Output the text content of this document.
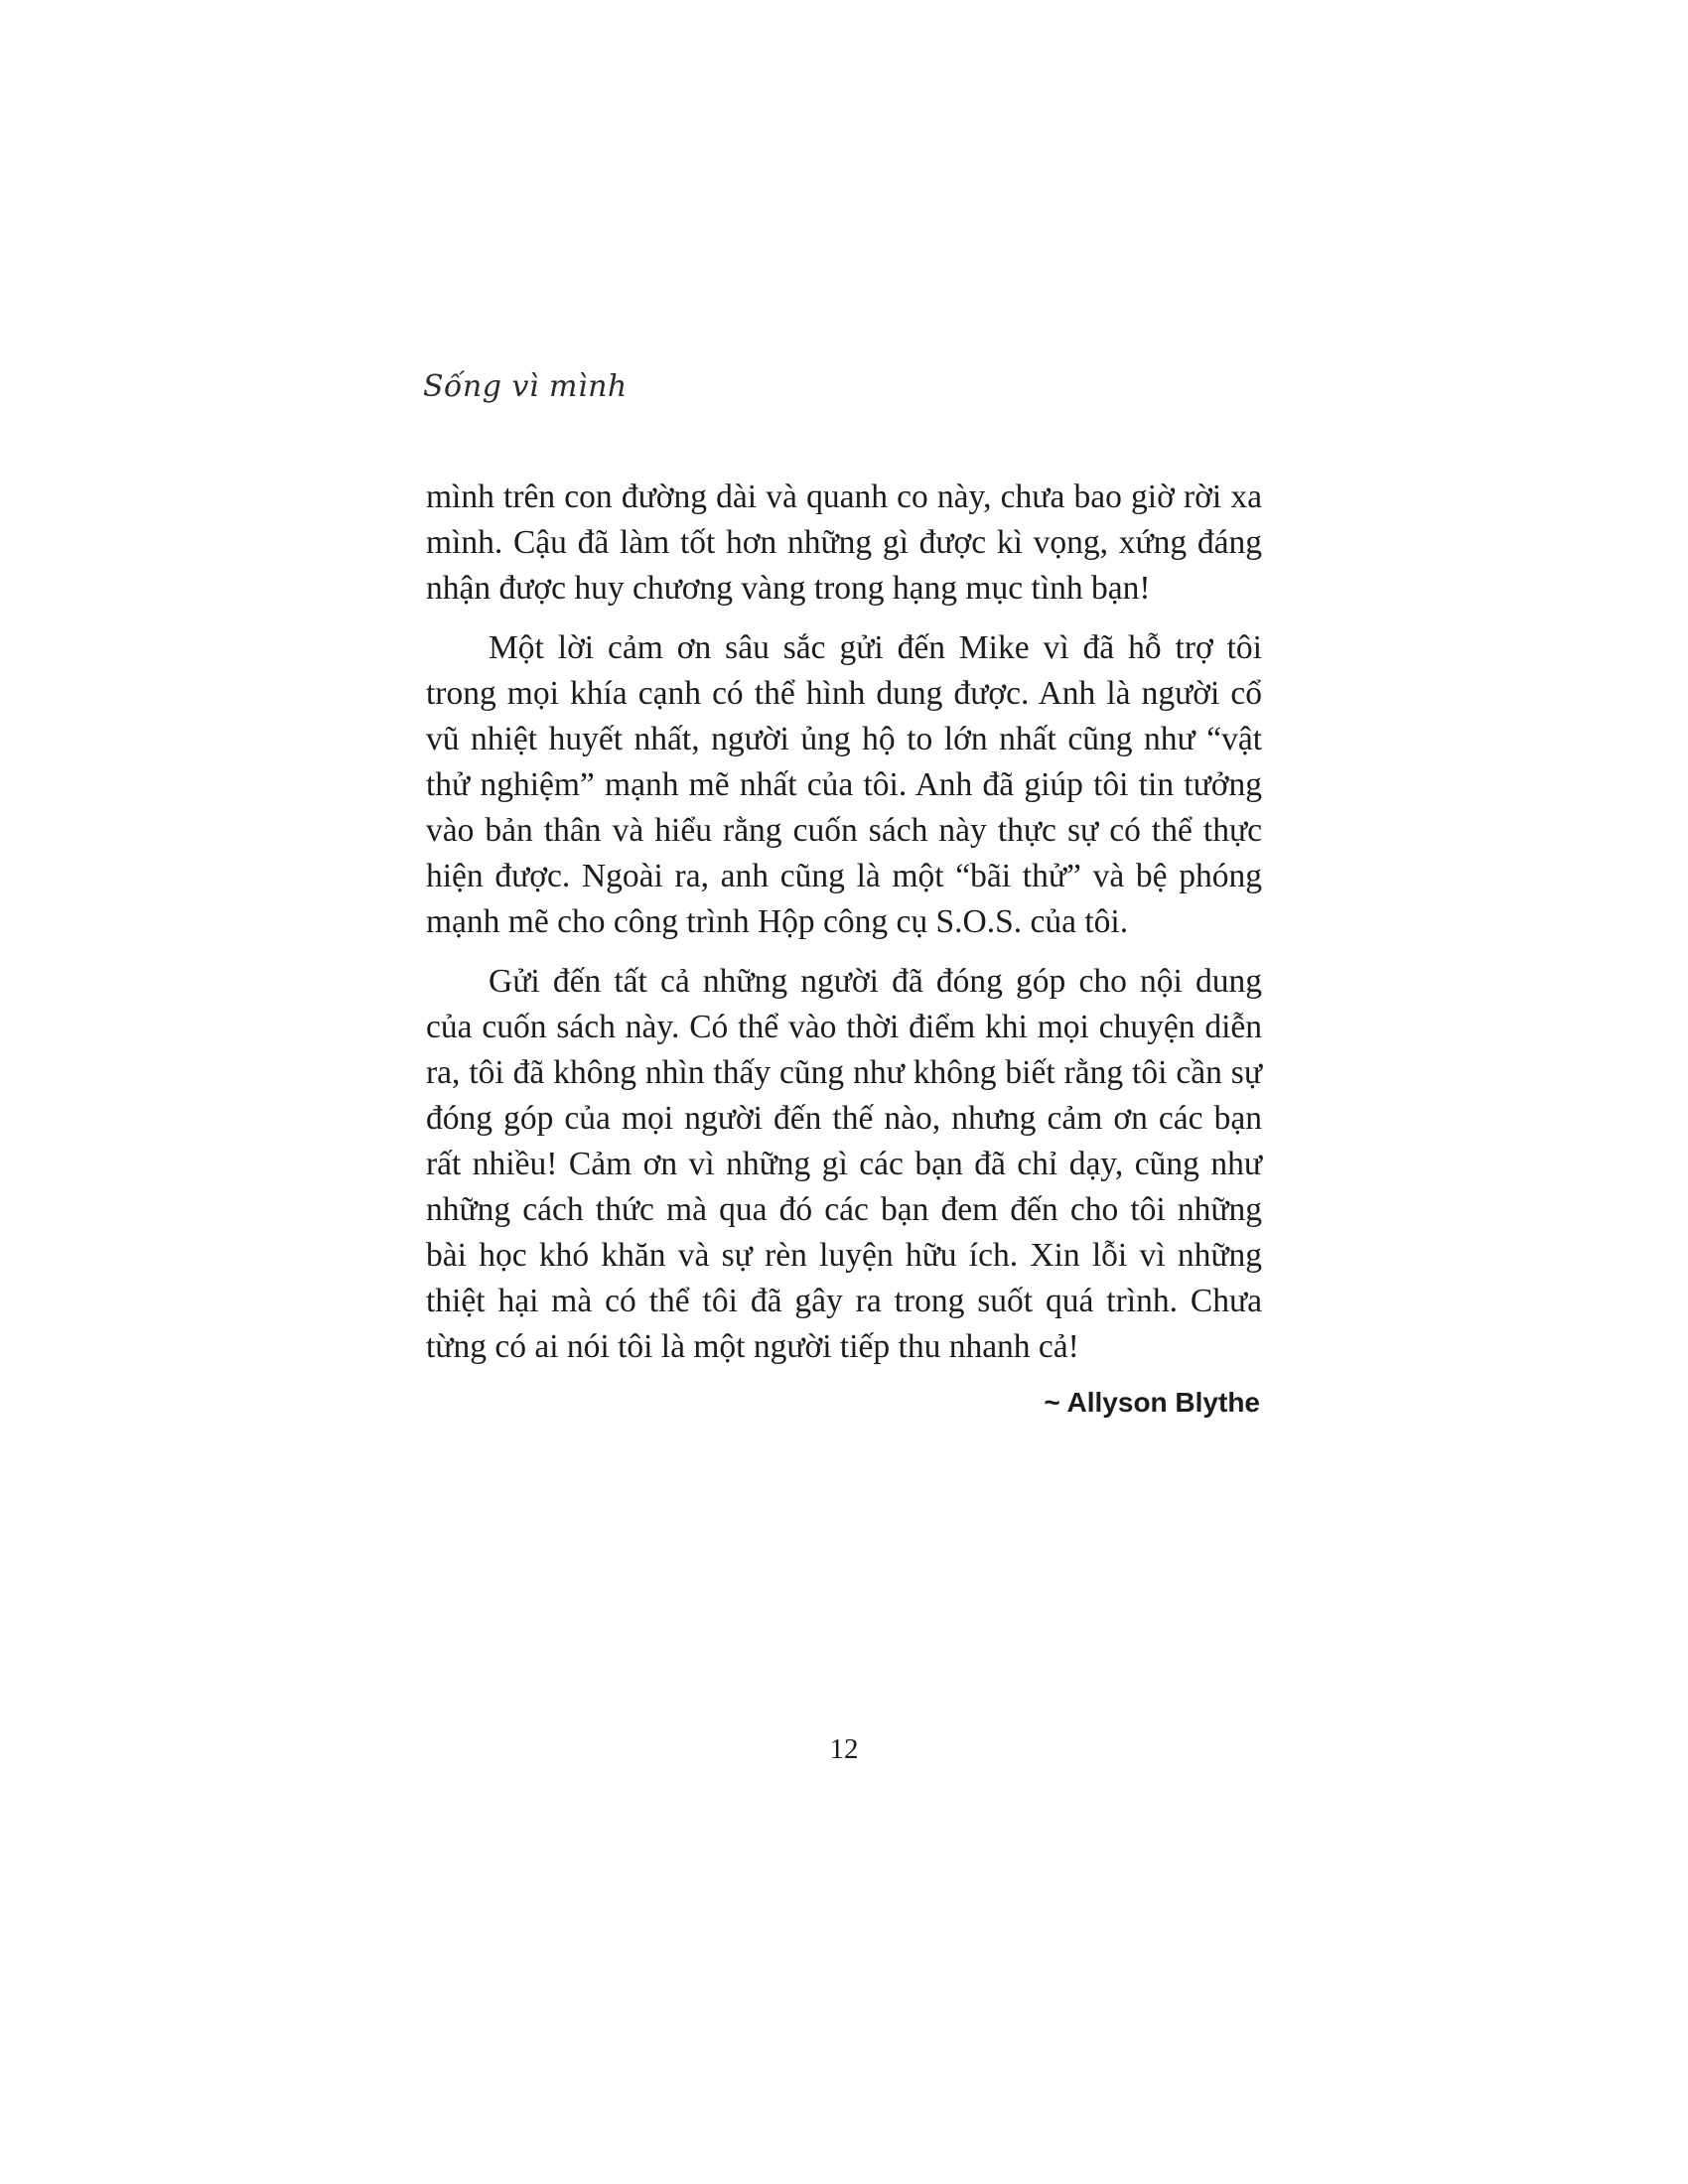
Sống vì mình

mình trên con đường dài và quanh co này, chưa bao giờ rời xa mình. Cậu đã làm tốt hơn những gì được kì vọng, xứng đáng nhận được huy chương vàng trong hạng mục tình bạn!

Một lời cảm ơn sâu sắc gửi đến Mike vì đã hỗ trợ tôi trong mọi khía cạnh có thể hình dung được. Anh là người cổ vũ nhiệt huyết nhất, người ủng hộ to lớn nhất cũng như “vật thử nghiệm” mạnh mẽ nhất của tôi. Anh đã giúp tôi tin tưởng vào bản thân và hiểu rằng cuốn sách này thực sự có thể thực hiện được. Ngoài ra, anh cũng là một “bãi thử” và bệ phóng mạnh mẽ cho công trình Hộp công cụ S.O.S. của tôi.

Gửi đến tất cả những người đã đóng góp cho nội dung của cuốn sách này. Có thể vào thời điểm khi mọi chuyện diễn ra, tôi đã không nhìn thấy cũng như không biết rằng tôi cần sự đóng góp của mọi người đến thế nào, nhưng cảm ơn các bạn rất nhiều! Cảm ơn vì những gì các bạn đã chỉ dạy, cũng như những cách thức mà qua đó các bạn đem đến cho tôi những bài học khó khăn và sự rèn luyện hữu ích. Xin lỗi vì những thiệt hại mà có thể tôi đã gây ra trong suốt quá trình. Chưa từng có ai nói tôi là một người tiếp thu nhanh cả!

~ Allyson Blythe
12
